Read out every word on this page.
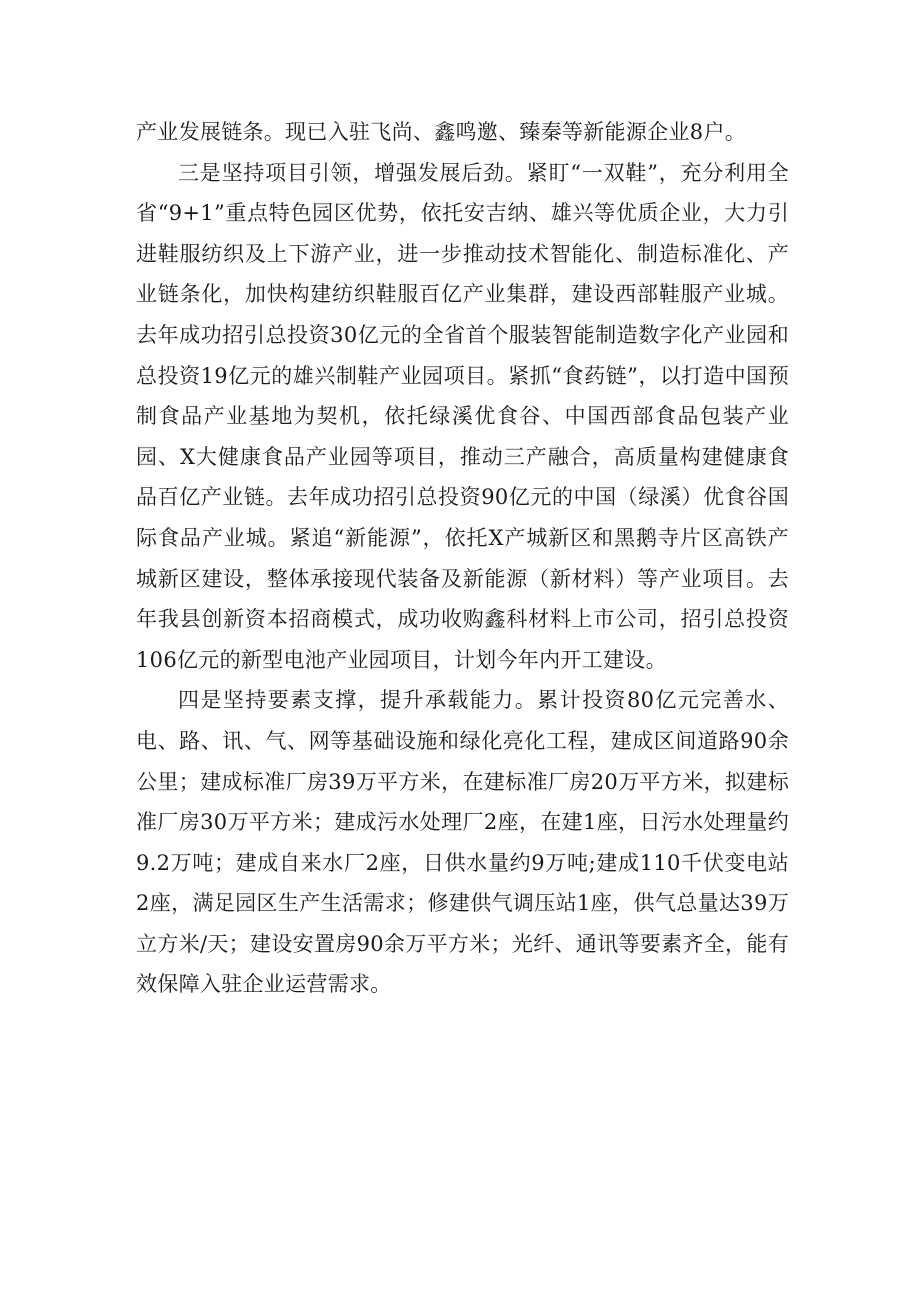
产业发展链条。现已入驻飞尚、鑫鸣邀、臻秦等新能源企业8户。

三是坚持项目引领，增强发展后劲。紧盯“一双鞋”，充分利用全省“9+1”重点特色园区优势，依托安吉纳、雄兴等优质企业，大力引进鞋服纺织及上下游产业，进一步推动技术智能化、制造标准化、产业链条化，加快构建纺织鞋服百亿产业集群，建设西部鞋服产业城。去年成功招引总投资30亿元的全省首个服装智能制造数字化产业园和总投资19亿元的雄兴制鞋产业园项目。紧抓“食药链”，以打造中国预制食品产业基地为契机，依托绿溪优食谷、中国西部食品包装产业园、X大健康食品产业园等项目，推动三产融合，高质量构建健康食品百亿产业链。去年成功招引总投资90亿元的中国（绿溪）优食谷国际食品产业城。紧追“新能源”，依托X产城新区和黑鹅寺片区高铁产城新区建设，整体承接现代装备及新能源（新材料）等产业项目。去年我县创新资本招商模式，成功收购鑫科材料上市公司，招引总投资106亿元的新型电池产业园项目，计划今年内开工建设。

四是坚持要素支撑，提升承载能力。累计投资80亿元完善水、电、路、讯、气、网等基础设施和绿化亮化工程，建成区间道路90余公里；建成标准厂房39万平方米，在建标准厂房20万平方米，拟建标准厂房30万平方米；建成污水处理厂2座，在建1座，日污水处理量约9.2万吨；建成自来水厂2座，日供水量约9万吨;建成110千伏变电站2座，满足园区生产生活需求；修建供气调压站1座，供气总量达39万立方米/天；建设安置房90余万平方米；光纤、通讯等要素齐全，能有效保障入驻企业运营需求。
